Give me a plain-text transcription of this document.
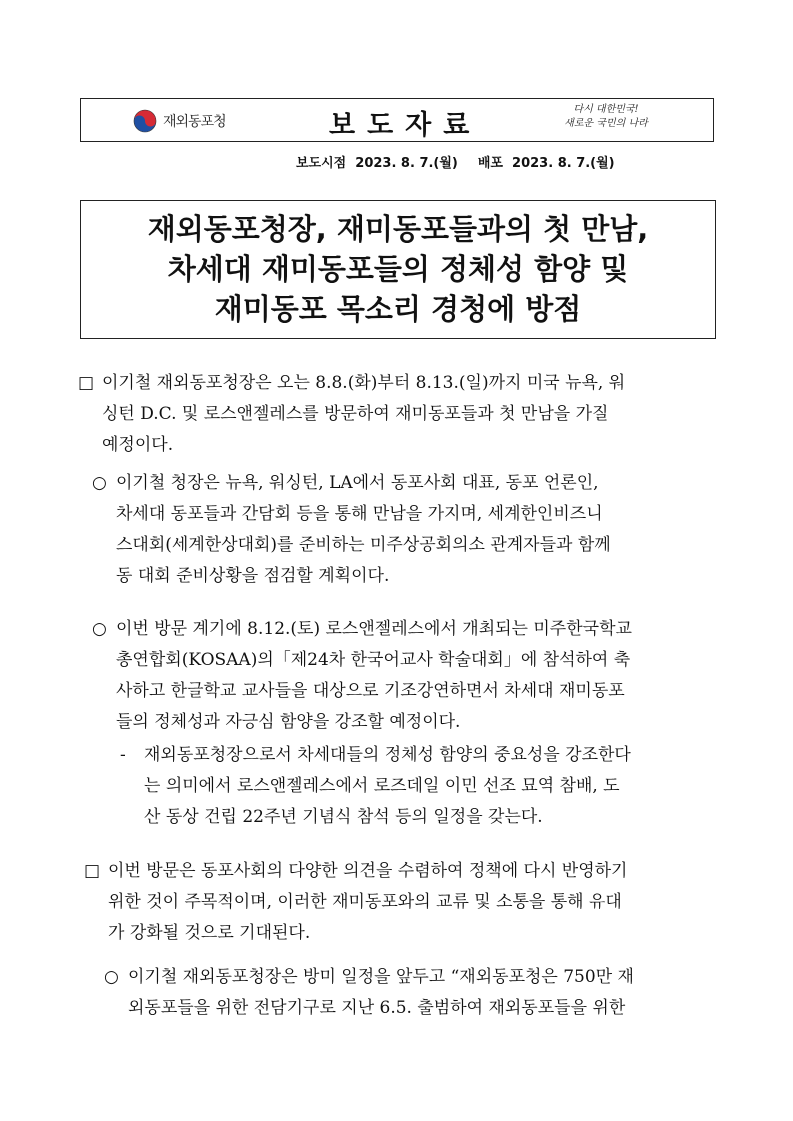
재외동포청	보도자료
다시 대한민국!
새로운 국민의 나라
보도시점  2023. 8. 7.(월) 배포  2023. 8. 7.(월)
재외동포청장, 재미동포들과의 첫 만남,
차세대 재미동포들의 정체성 함양 및
재미동포 목소리 경청에 방점
□ 이기철 재외동포청장은 오는 8.8.(화)부터 8.13.(일)까지 미국 뉴욕, 워
싱턴 D.C. 및 로스앤젤레스를 방문하여 재미동포들과 첫 만남을 가질
예정이다.
○ 이기철 청장은 뉴욕, 워싱턴, LA에서 동포사회 대표, 동포 언론인,
차세대 동포들과 간담회 등을 통해 만남을 가지며, 세계한인비즈니
스대회(세계한상대회)를 준비하는 미주상공회의소 관계자들과 함께
동 대회 준비상황을 점검할 계획이다.
○ 이번 방문 계기에 8.12.(토) 로스앤젤레스에서 개최되는 미주한국학교
총연합회(KOSAA)의「제24차 한국어교사 학술대회」에 참석하여 축
사하고 한글학교 교사들을 대상으로 기조강연하면서 차세대 재미동포
들의 정체성과 자긍심 함양을 강조할 예정이다.
- 재외동포청장으로서 차세대들의 정체성 함양의 중요성을 강조한다
는 의미에서 로스앤젤레스에서 로즈데일 이민 선조 묘역 참배, 도
산 동상 건립 22주년 기념식 참석 등의 일정을 갖는다.
□ 이번 방문은 동포사회의 다양한 의견을 수렴하여 정책에 다시 반영하기
위한 것이 주목적이며, 이러한 재미동포와의 교류 및 소통을 통해 유대
가 강화될 것으로 기대된다.
○ 이기철 재외동포청장은 방미 일정을 앞두고 “재외동포청은 750만 재
외동포들을 위한 전담기구로 지난 6.5. 출범하여 재외동포들을 위한
